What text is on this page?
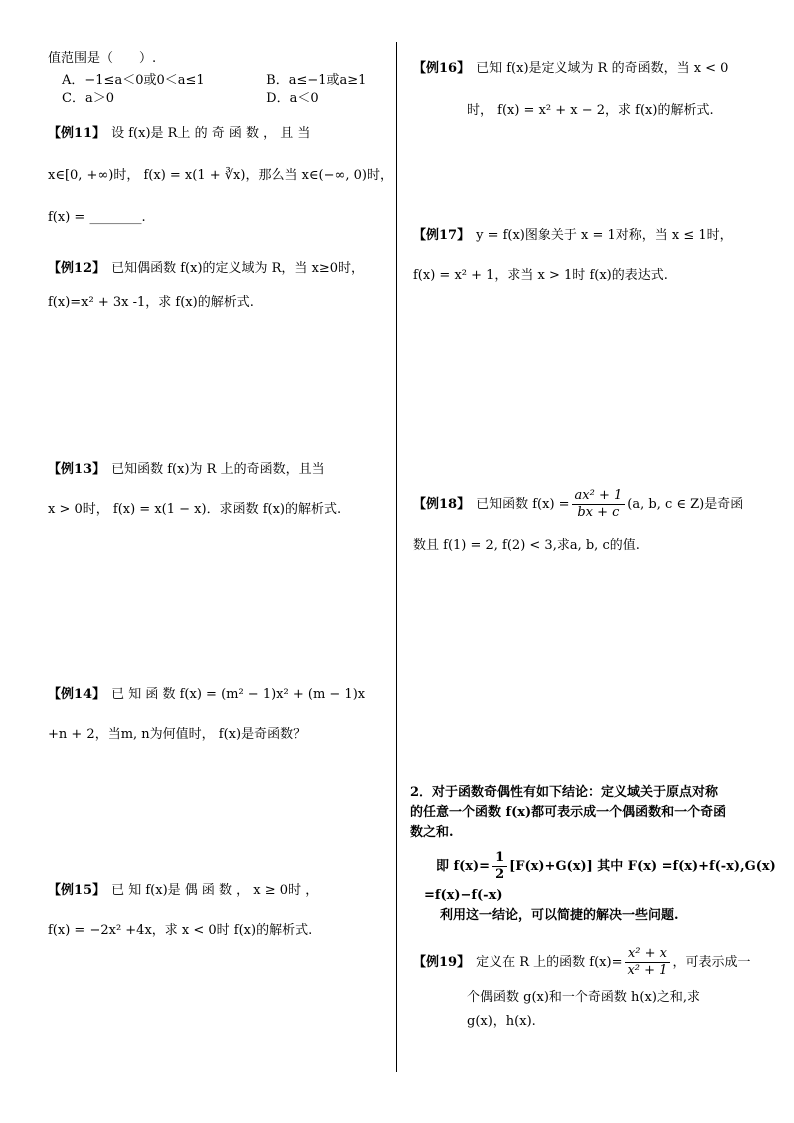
值范围是（　　）.
A．−1≤a＜0或0＜a≤1	B．a≤−1或a≥1
C．a＞0	D．a＜0
【例11】 设 f(x)是 R上 的 奇 函 数 ， 且 当
x∈[0, +∞)时， f(x) = x(1 + ∛x)，那么当 x∈(−∞, 0)时，
f(x) = ________.
【例12】 已知偶函数 f(x)的定义域为 R，当 x≥0时，
f(x)=x² + 3x -1，求 f(x)的解析式.
【例13】 已知函数 f(x)为 R 上的奇函数，且当
x > 0时， f(x) = x(1 − x)．求函数 f(x)的解析式.
【例14】 已 知 函 数 f(x) = (m² − 1)x² + (m − 1)x
+n + 2，当m, n为何值时， f(x)是奇函数？
【例15】 已 知 f(x)是 偶 函 数 ， x ≥ 0时 ，
f(x) = −2x² +4x，求 x < 0时 f(x)的解析式.
【例16】 已知 f(x)是定义域为 R 的奇函数，当 x < 0
时， f(x) = x² + x − 2，求 f(x)的解析式.
【例17】 y = f(x)图象关于 x = 1对称，当 x ≤ 1时，
f(x) = x² + 1，求当 x > 1时 f(x)的表达式.
【例18】 已知函数 $f(x) = \frac{\text{ax² + 1}}{bx + c} (a$, b, c ∈ Z)是奇函
数且 f(1) = 2, f(2) < 3,求a, b, c的值.
2．对于函数奇偶性有如下结论：定义域关于原点对称
的任意一个函数 f(x)都可表示成一个偶函数和一个奇函
数之和.
即 $f(x)= \frac{1}{2} [F(x)+G(x)]$ 其中 F(x) =f(x)+f(-x),G(x)
=f(x)−f(-x)
利用这一结论，可以简捷的解决一些问题.
【例19】 定义在 R 上的函数 $f(x)= \frac{\text{x² + x}}{\text{x² + 1}}$ ，可表示成一
个偶函数 g(x)和一个奇函数 h(x)之和,求
g(x)，h(x).
